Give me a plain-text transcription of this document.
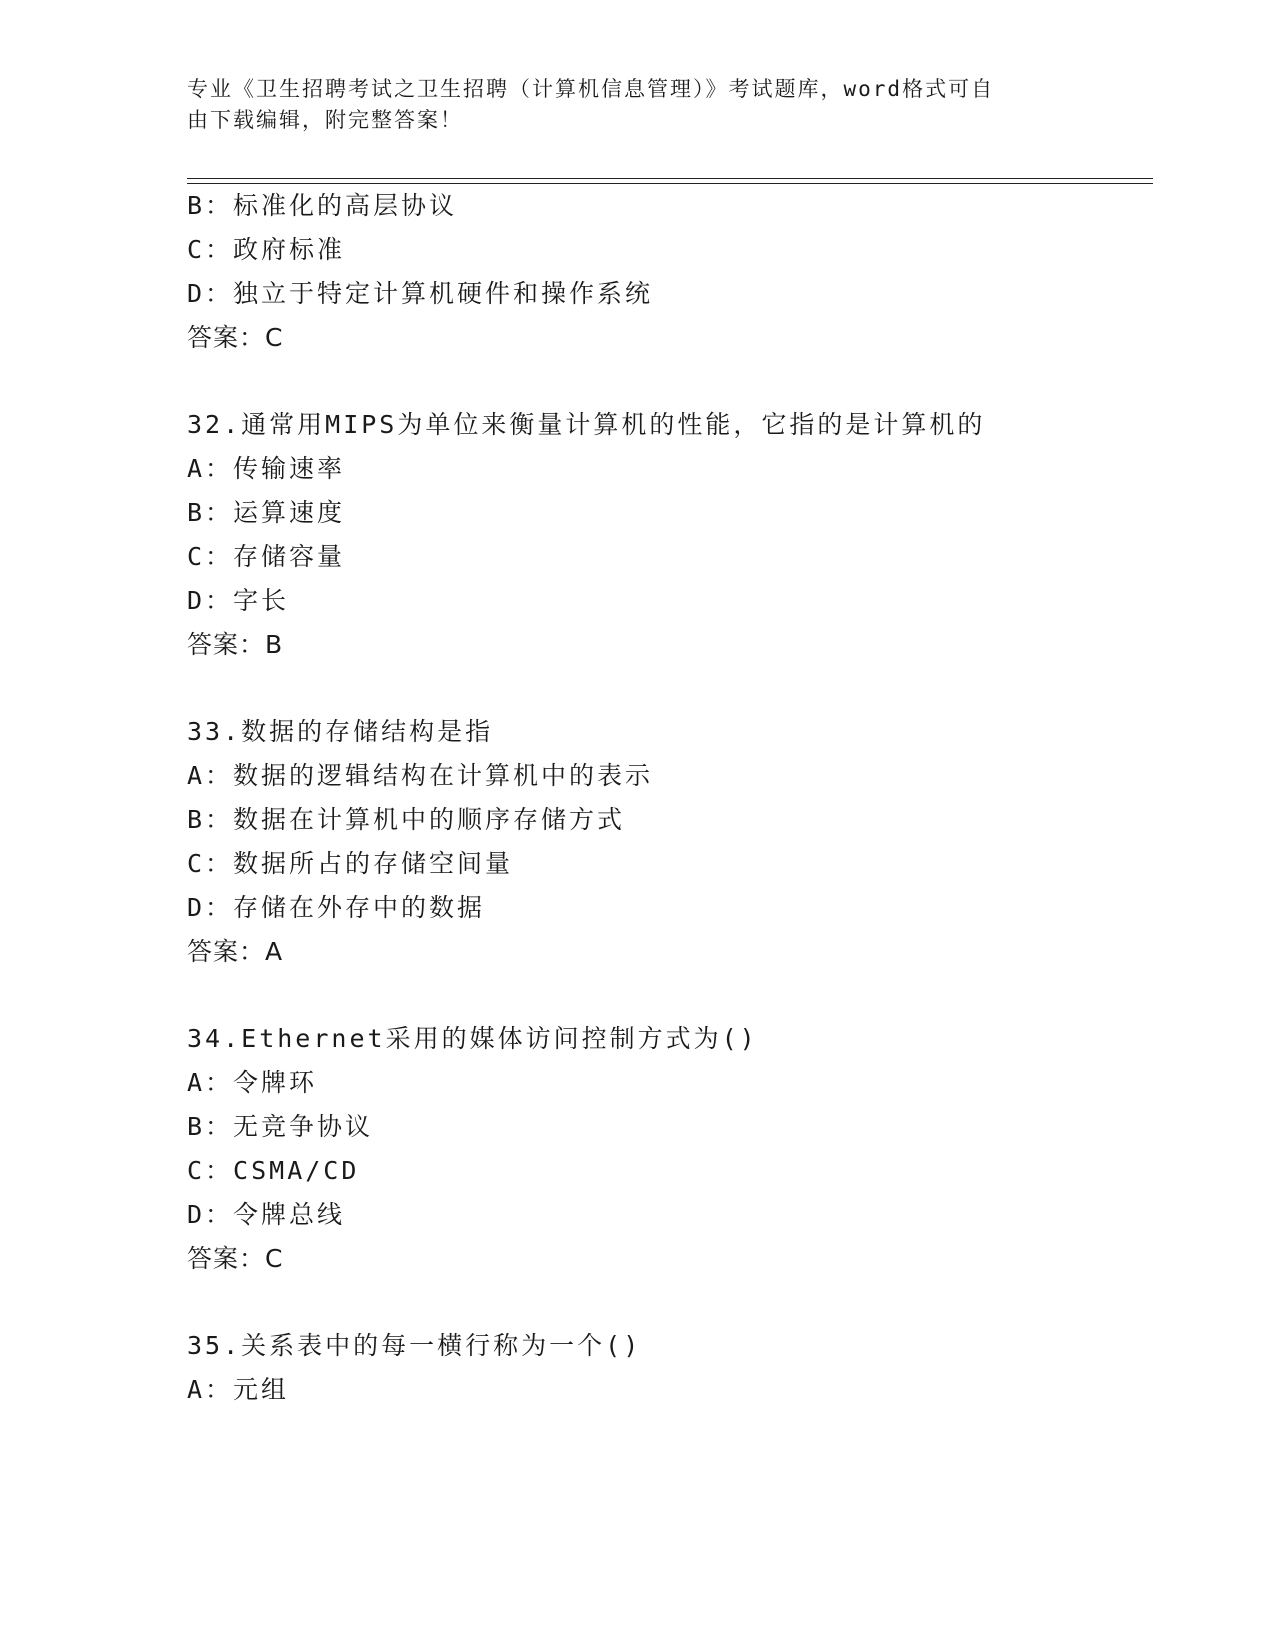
专业《卫生招聘考试之卫生招聘（计算机信息管理）》考试题库，word格式可自
由下载编辑，附完整答案！
B：标准化的高层协议
C：政府标准
D：独立于特定计算机硬件和操作系统
答案：C
32.通常用MIPS为单位来衡量计算机的性能，它指的是计算机的
A：传输速率
B：运算速度
C：存储容量
D：字长
答案：B
33.数据的存储结构是指
A：数据的逻辑结构在计算机中的表示
B：数据在计算机中的顺序存储方式
C：数据所占的存储空间量
D：存储在外存中的数据
答案：A
34.Ethernet采用的媒体访问控制方式为()
A：令牌环
B：无竞争协议
C：CSMA/CD
D：令牌总线
答案：C
35.关系表中的每一横行称为一个()
A：元组
